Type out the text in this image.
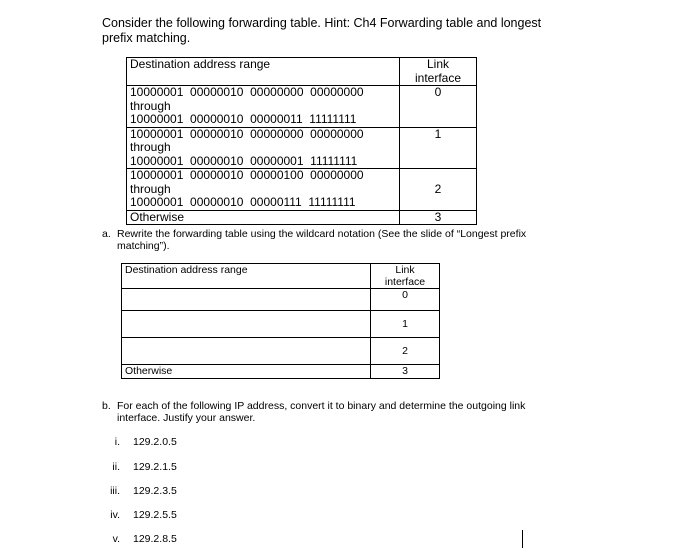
Consider the following forwarding table. Hint: Ch4 Forwarding table and longest prefix matching.
Destination address range	Link interface

10000001  00000010  00000000  00000000
through
10000001  00000010  00000011  11111111	0

10000001  00000010  00000000  00000000
through
10000001  00000010  00000001  11111111	1

10000001  00000010  00000100  00000000
through
10000001  00000010  00000111  11111111	2
Otherwise	3
a. Rewrite the forwarding table using the wildcard notation (See the slide of “Longest prefix matching”).
Destination address range	Link interface
	0
	1
	2
Otherwise	3
b. For each of the following IP address, convert it to binary and determine the outgoing link interface. Justify your answer.
i. 129.2.0.5
ii. 129.2.1.5
iii. 129.2.3.5
iv. 129.2.5.5
v. 129.2.8.5
